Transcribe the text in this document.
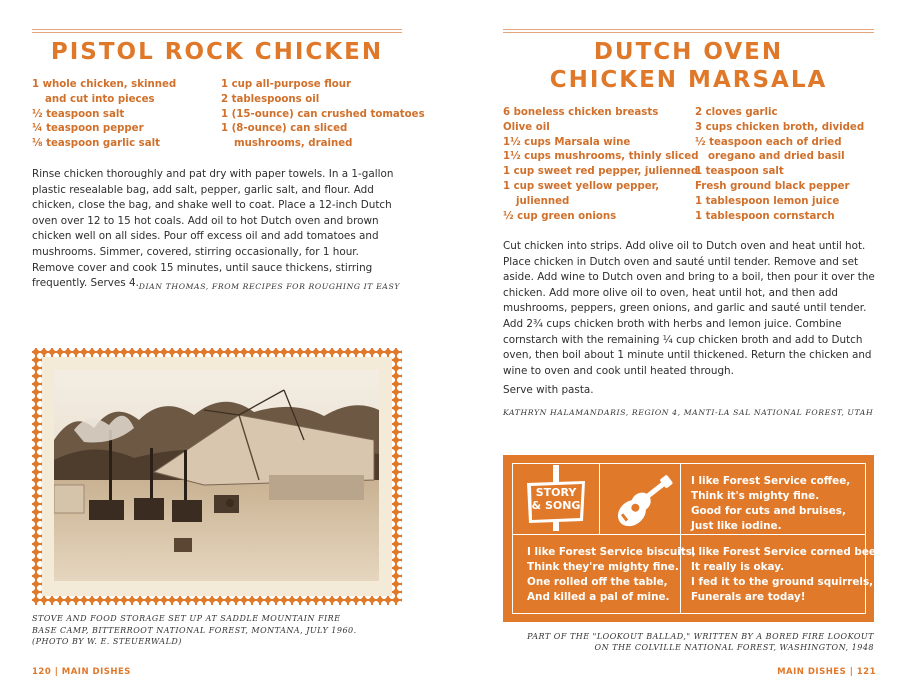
PISTOL ROCK CHICKEN
1 whole chicken, skinned
and cut into pieces
½ teaspoon salt
¼ teaspoon pepper
⅛ teaspoon garlic salt
1 cup all-purpose flour
2 tablespoons oil
1 (15-ounce) can crushed tomatoes
1 (8-ounce) can sliced
mushrooms, drained
Rinse chicken thoroughly and pat dry with paper towels. In a 1-gallon plastic resealable bag, add salt, pepper, garlic salt, and flour. Add chicken, close the bag, and shake well to coat. Place a 12-inch Dutch oven over 12 to 15 hot coals. Add oil to hot Dutch oven and brown chicken well on all sides. Pour off excess oil and add tomatoes and mushrooms. Simmer, covered, stirring occasionally, for 1 hour. Remove cover and cook 15 minutes, until sauce thickens, stirring frequently. Serves 4. DIAN THOMAS, FROM RECIPES FOR ROUGHING IT EASY
STOVE AND FOOD STORAGE SET UP AT SADDLE MOUNTAIN FIRE BASE CAMP, BITTERROOT NATIONAL FOREST, MONTANA, JULY 1960. (PHOTO BY W. E. STEUERWALD)
120 | MAIN DISHES
DUTCH OVEN
CHICKEN MARSALA
6 boneless chicken breasts
Olive oil
1½ cups Marsala wine
1½ cups mushrooms, thinly sliced
1 cup sweet red pepper, julienned
1 cup sweet yellow pepper,
julienned
½ cup green onions
2 cloves garlic
3 cups chicken broth, divided
½ teaspoon each of dried
oregano and dried basil
1 teaspoon salt
Fresh ground black pepper
1 tablespoon lemon juice
1 tablespoon cornstarch
Cut chicken into strips. Add olive oil to Dutch oven and heat until hot. Place chicken in Dutch oven and sauté until tender. Remove and set aside. Add wine to Dutch oven and bring to a boil, then pour it over the chicken. Add more olive oil to oven, heat until hot, and then add mushrooms, peppers, green onions, and garlic and sauté until tender. Add 2¾ cups chicken broth with herbs and lemon juice. Combine cornstarch with the remaining ¼ cup chicken broth and add to Dutch oven, then boil about 1 minute until thickened. Return the chicken and wine to oven and cook until heated through.
Serve with pasta.
KATHRYN HALAMANDARIS, REGION 4, MANTI-LA SAL NATIONAL FOREST, UTAH
STORY
& SONG
I like Forest Service coffee,
Think it's mighty fine.
Good for cuts and bruises,
Just like iodine.
I like Forest Service biscuits,
Think they're mighty fine.
One rolled off the table,
And killed a pal of mine.
I like Forest Service corned beef,
It really is okay.
I fed it to the ground squirrels,
Funerals are today!
PART OF THE "LOOKOUT BALLAD," WRITTEN BY A BORED FIRE LOOKOUT
ON THE COLVILLE NATIONAL FOREST, WASHINGTON, 1948
MAIN DISHES | 121
